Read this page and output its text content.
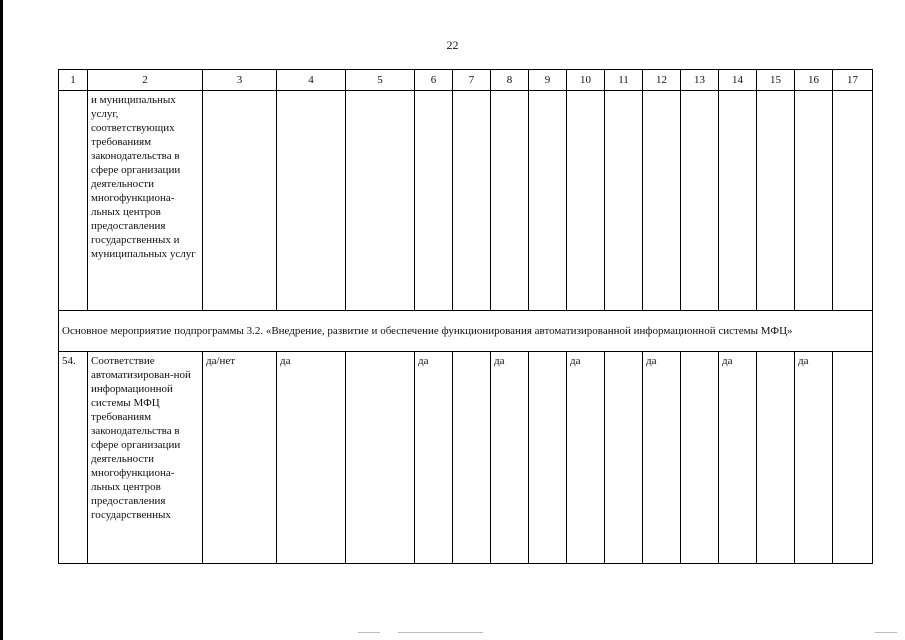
22
1	2	3	4	5	6	7	8	9	10	11	12	13	14	15	16	17
	и муниципальных услуг, соответствующих требованиям законодательства в сфере организации деятельности многофункциона-льных центров предоставления государственных и муниципальных услуг															
Основное мероприятие подпрограммы 3.2. «Внедрение, развитие и обеспечение функционирования автоматизированной информационной системы МФЦ»																
54.	Соответствие автоматизирован-ной информационной системы МФЦ требованиям законодательства в сфере организации деятельности многофункциона-льных центров предоставления государственных	да/нет	да		да		да		да		да		да		да	
